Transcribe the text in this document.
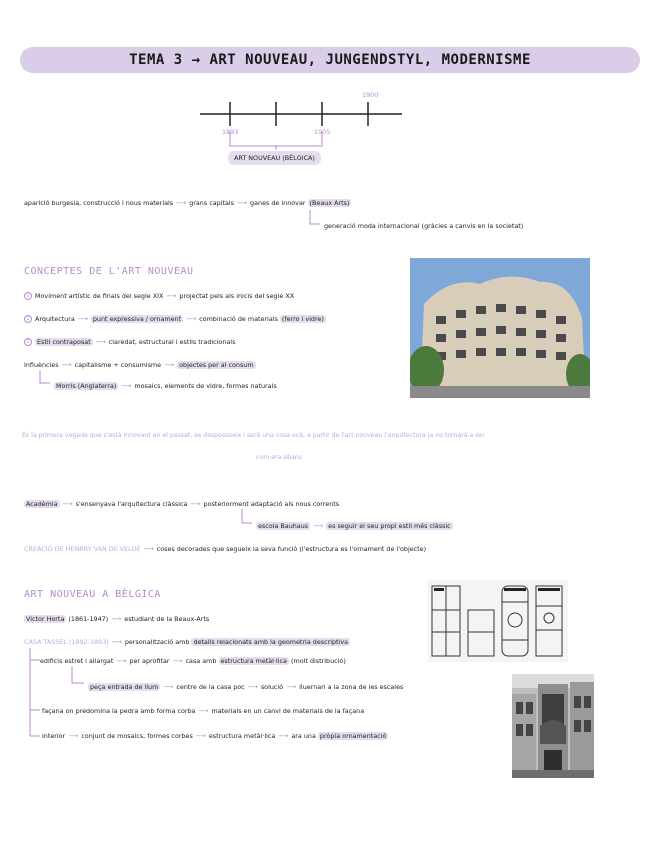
TEMA 3 → ART NOUVEAU, JUNGENDSTYL, MODERNISME
1900
1893	1905
ART NOUVEAU (BÈLGICA)
aparició burgesia, construcció i nous materials ⟶ grans capitals ⟶ ganes de innovar (Beaux Arts)
generació moda internacional (gràcies a canvis en la societat)
CONCEPTES DE L'ART NOUVEAU
1 Moviment artístic de finals del segle XIX ⟶ projectat pels als inicis del segle XX
2 Arquitectura ⟶ punt expressiva / ornament ⟶ combinació de materials (ferro i vidre)
3 Estil contraposat ⟶ claredat, estructural i estils tradicionals
Influències ⟶ capitalisme + consumisme ⟶ objectes per al consum
Morris (Anglaterra) ⟶ mosaics, elements de vidre, formes naturals
És la primera vegada que s'està innovant en el passat, es desposseeix i serà una cosa ocà, a partir de l'art nouveau l'arquitectura ja no tornarà a ser
com era abans
Acadèmia ⟶ s'ensenyava l'arquitectura clàssica ⟶ posteriorment adaptació als nous corrents
escola Bauhaus ⟶ es seguir el seu propi estil més clàssic
CREACIÓ DE HENRRY VAN DE VELDE ⟶ coses decorades que segueix la seva funció (l'estructura es l'ornament de l'objecte)
ART NOUVEAU A BÈLGICA
Victor Horta (1861-1947) ⟶ estudiant de la Beaux-Arts
CASA TASSEL (1892-1893) ⟶ personalització amb detalls relacionats amb la geometria descriptiva
edificis estret i allargat ⟶ per aprofitar ⟶ casa amb estructura metàl·lica (molt distribució)
peça entrada de llum ⟶ centre de la casa poc ⟶ solució ⟶ lluernari a la zona de les escales
façana on predomina la pedra amb forma corba ⟶ materials en un canvi de materials de la façana
interior ⟶ conjunt de mosaics, formes corbes ⟶ estructura metàl·lica ⟶ ara una pròpia ornamentació
